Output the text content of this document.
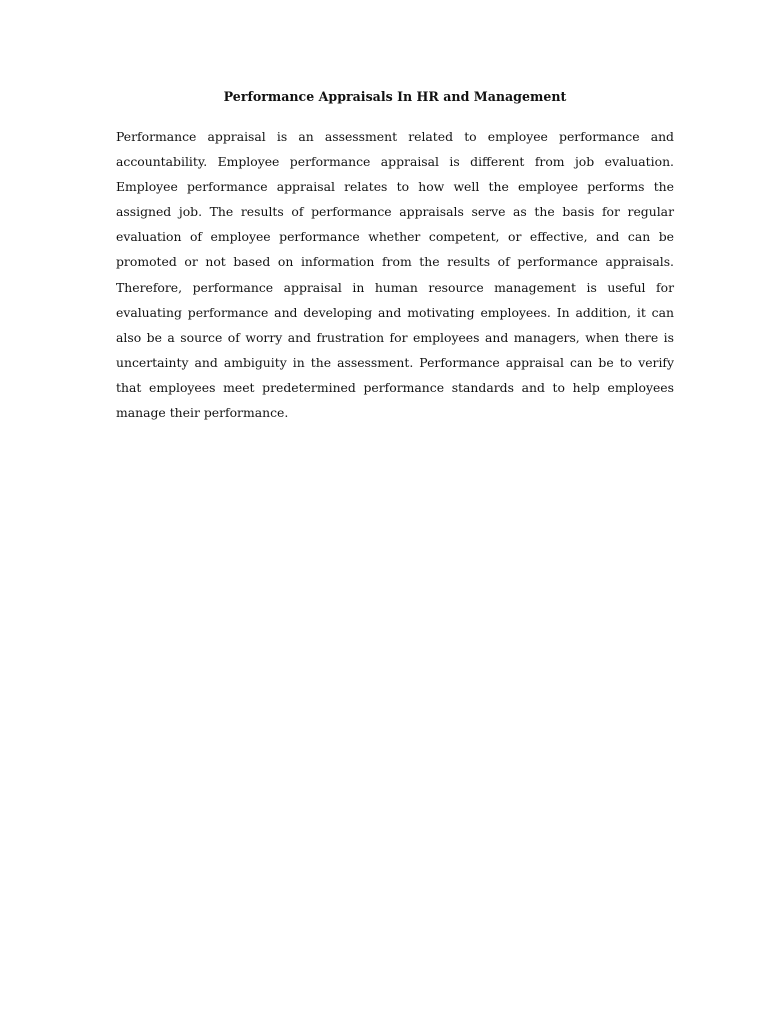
Performance Appraisals In HR and Management

Performance appraisal is an assessment related to employee performance and accountability. Employee performance appraisal is different from job evaluation. Employee performance appraisal relates to how well the employee performs the assigned job. The results of performance appraisals serve as the basis for regular evaluation of employee performance whether competent, or effective, and can be promoted or not based on information from the results of performance appraisals. Therefore, performance appraisal in human resource management is useful for evaluating performance and developing and motivating employees. In addition, it can also be a source of worry and frustration for employees and managers, when there is uncertainty and ambiguity in the assessment. Performance appraisal can be to verify that employees meet predetermined performance standards and to help employees manage their performance.
